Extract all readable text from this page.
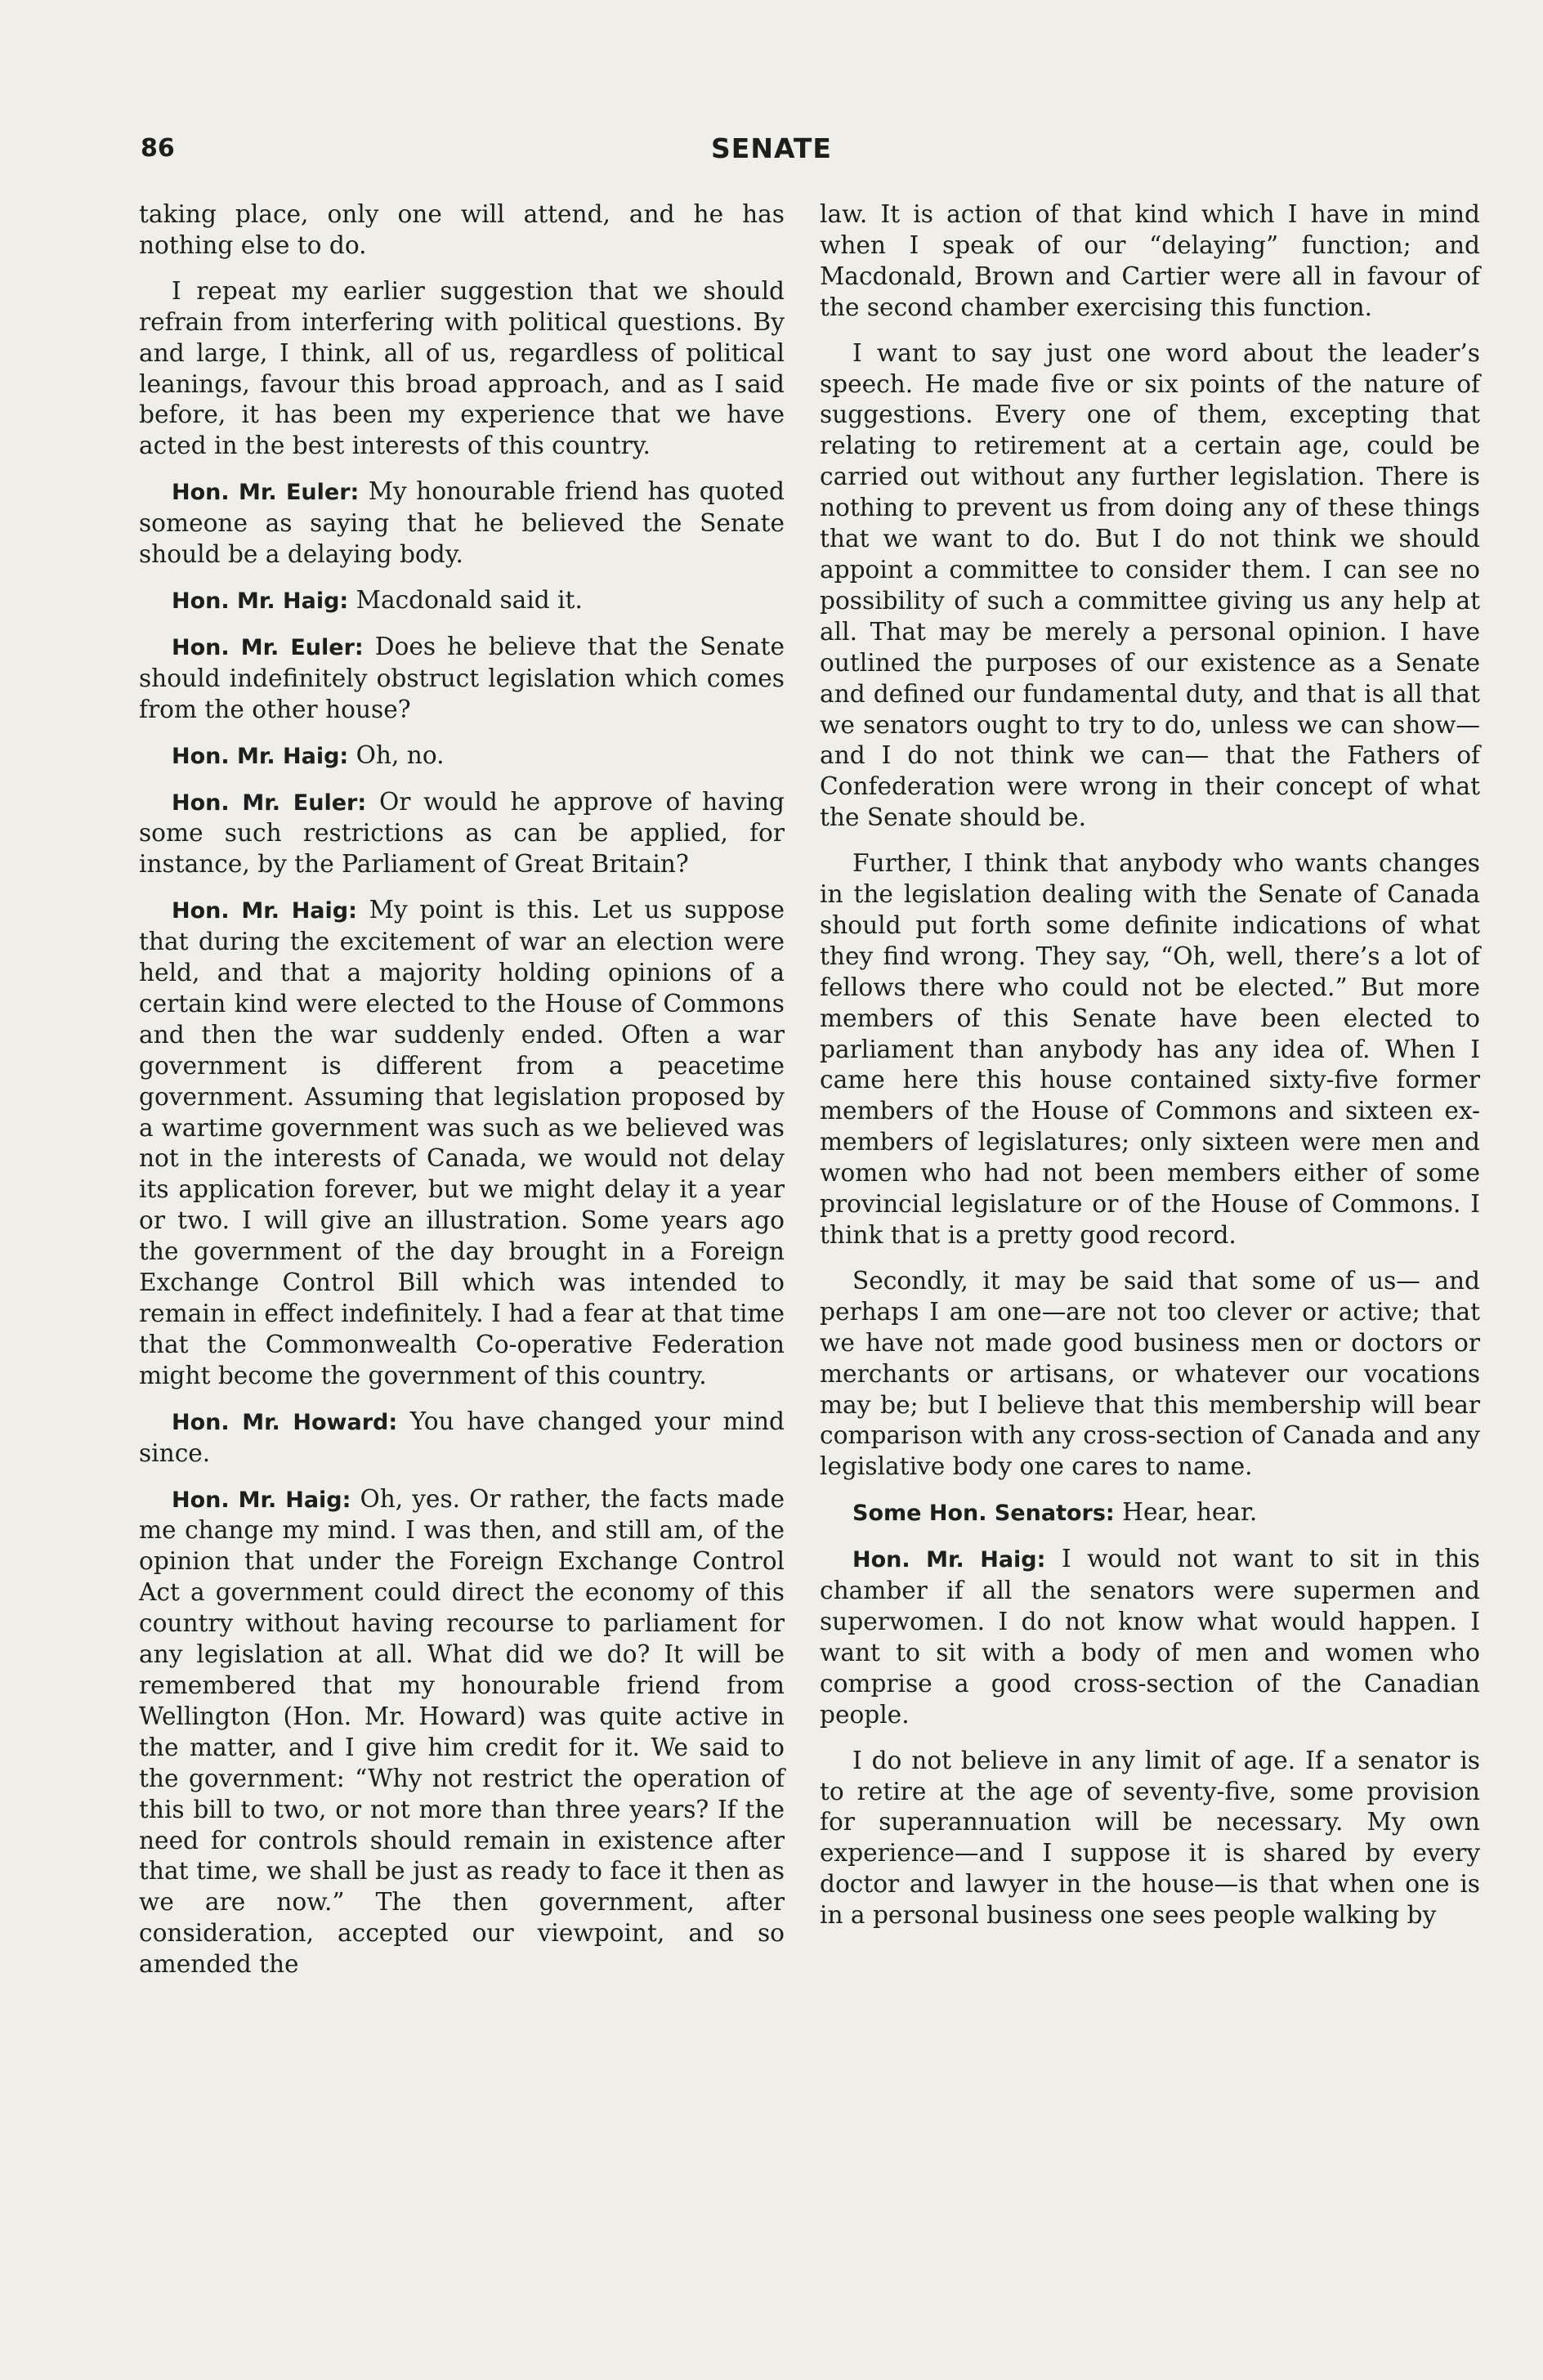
86	SENATE

taking place, only one will attend, and he has nothing else to do.

I repeat my earlier suggestion that we should refrain from interfering with political questions. By and large, I think, all of us, regardless of political leanings, favour this broad approach, and as I said before, it has been my experience that we have acted in the best interests of this country.

Hon. Mr. Euler: My honourable friend has quoted someone as saying that he believed the Senate should be a delaying body.

Hon. Mr. Haig: Macdonald said it.

Hon. Mr. Euler: Does he believe that the Senate should indefinitely obstruct legislation which comes from the other house?

Hon. Mr. Haig: Oh, no.

Hon. Mr. Euler: Or would he approve of having some such restrictions as can be applied, for instance, by the Parliament of Great Britain?

Hon. Mr. Haig: My point is this. Let us suppose that during the excitement of war an election were held, and that a majority holding opinions of a certain kind were elected to the House of Commons and then the war suddenly ended. Often a war government is different from a peacetime government. Assuming that legislation proposed by a wartime government was such as we believed was not in the interests of Canada, we would not delay its application forever, but we might delay it a year or two. I will give an illustration. Some years ago the government of the day brought in a Foreign Exchange Control Bill which was intended to remain in effect indefinitely. I had a fear at that time that the Commonwealth Co-operative Federation might become the government of this country.

Hon. Mr. Howard: You have changed your mind since.

Hon. Mr. Haig: Oh, yes. Or rather, the facts made me change my mind. I was then, and still am, of the opinion that under the Foreign Exchange Control Act a government could direct the economy of this country without having recourse to parliament for any legislation at all. What did we do? It will be remembered that my honourable friend from Wellington (Hon. Mr. Howard) was quite active in the matter, and I give him credit for it. We said to the government: “Why not restrict the operation of this bill to two, or not more than three years? If the need for controls should remain in existence after that time, we shall be just as ready to face it then as we are now.” The then government, after consideration, accepted our viewpoint, and so amended the

law. It is action of that kind which I have in mind when I speak of our “delaying” function; and Macdonald, Brown and Cartier were all in favour of the second chamber exercising this function.

I want to say just one word about the leader’s speech. He made five or six points of the nature of suggestions. Every one of them, excepting that relating to retirement at a certain age, could be carried out without any further legislation. There is nothing to prevent us from doing any of these things that we want to do. But I do not think we should appoint a committee to consider them. I can see no possibility of such a committee giving us any help at all. That may be merely a personal opinion. I have outlined the purposes of our existence as a Senate and defined our fundamental duty, and that is all that we senators ought to try to do, unless we can show—and I do not think we can— that the Fathers of Confederation were wrong in their concept of what the Senate should be.

Further, I think that anybody who wants changes in the legislation dealing with the Senate of Canada should put forth some definite indications of what they find wrong. They say, “Oh, well, there’s a lot of fellows there who could not be elected.” But more members of this Senate have been elected to parliament than anybody has any idea of. When I came here this house contained sixty-five former members of the House of Commons and sixteen ex-members of legislatures; only sixteen were men and women who had not been members either of some provincial legislature or of the House of Commons. I think that is a pretty good record.

Secondly, it may be said that some of us— and perhaps I am one—are not too clever or active; that we have not made good business men or doctors or merchants or artisans, or whatever our vocations may be; but I believe that this membership will bear comparison with any cross-section of Canada and any legislative body one cares to name.

Some Hon. Senators: Hear, hear.

Hon. Mr. Haig: I would not want to sit in this chamber if all the senators were supermen and superwomen. I do not know what would happen. I want to sit with a body of men and women who comprise a good cross-section of the Canadian people.

I do not believe in any limit of age. If a senator is to retire at the age of seventy-five, some provision for superannuation will be necessary. My own experience—and I suppose it is shared by every doctor and lawyer in the house—is that when one is in a personal business one sees people walking by
